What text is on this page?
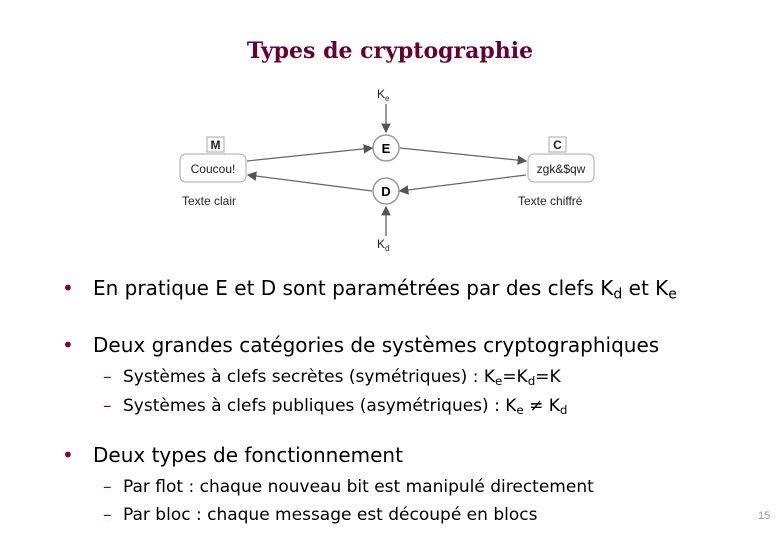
Types de cryptographie
$K_e$
E
D
$K_d$
M
Coucou!
Texte clair
C
zgk&$qw
Texte chiffré
• En pratique E et D sont paramétrées par des clefs $K_d$ et $K_e$
• Deux grandes catégories de systèmes cryptographiques
– Systèmes à clefs secrètes (symétriques) : $K_e=K_d=K$
– Systèmes à clefs publiques (asymétriques) : $K_e \ne K_d$
• Deux types de fonctionnement
– Par flot : chaque nouveau bit est manipulé directement
– Par bloc : chaque message est découpé en blocs	15
